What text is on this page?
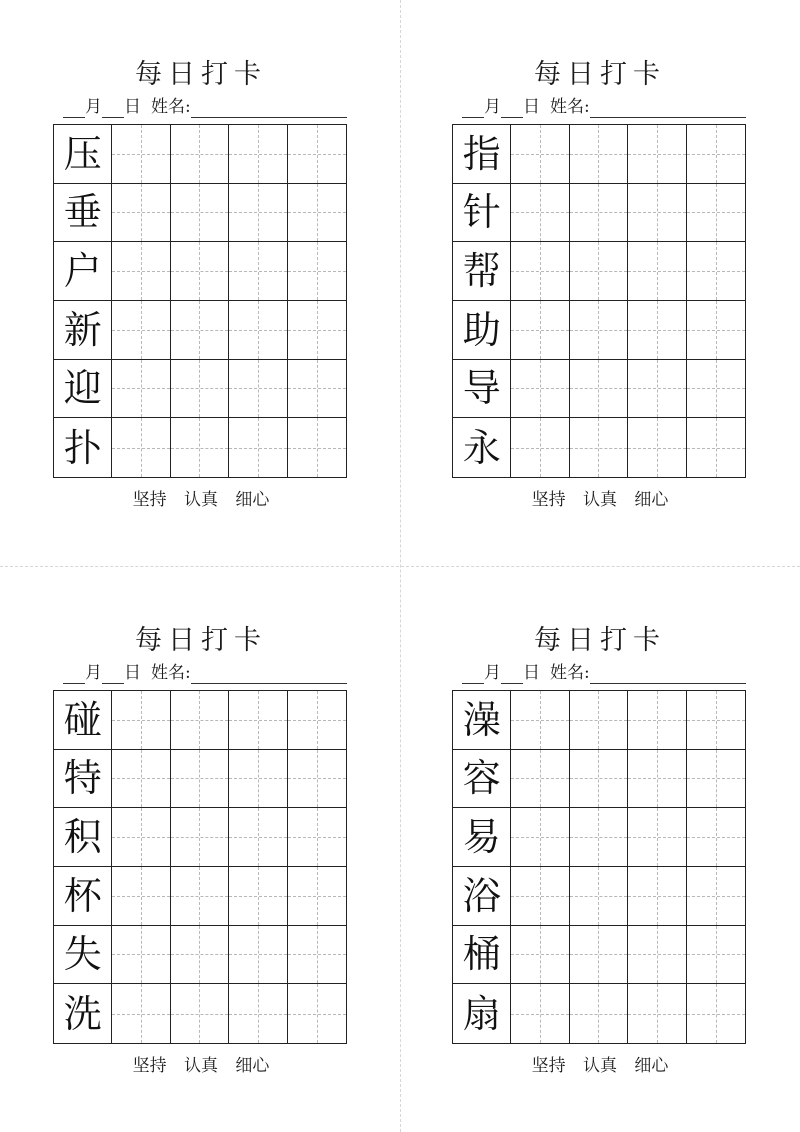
每日打卡
月 日 姓名:
压
垂
户
新
迎
扑
坚持 认真 细心
每日打卡
月 日 姓名:
指
针
帮
助
导
永
坚持 认真 细心
每日打卡
月 日 姓名:
碰
特
积
杯
失
洗
坚持 认真 细心
每日打卡
月 日 姓名:
澡
容
易
浴
桶
扇
坚持 认真 细心
